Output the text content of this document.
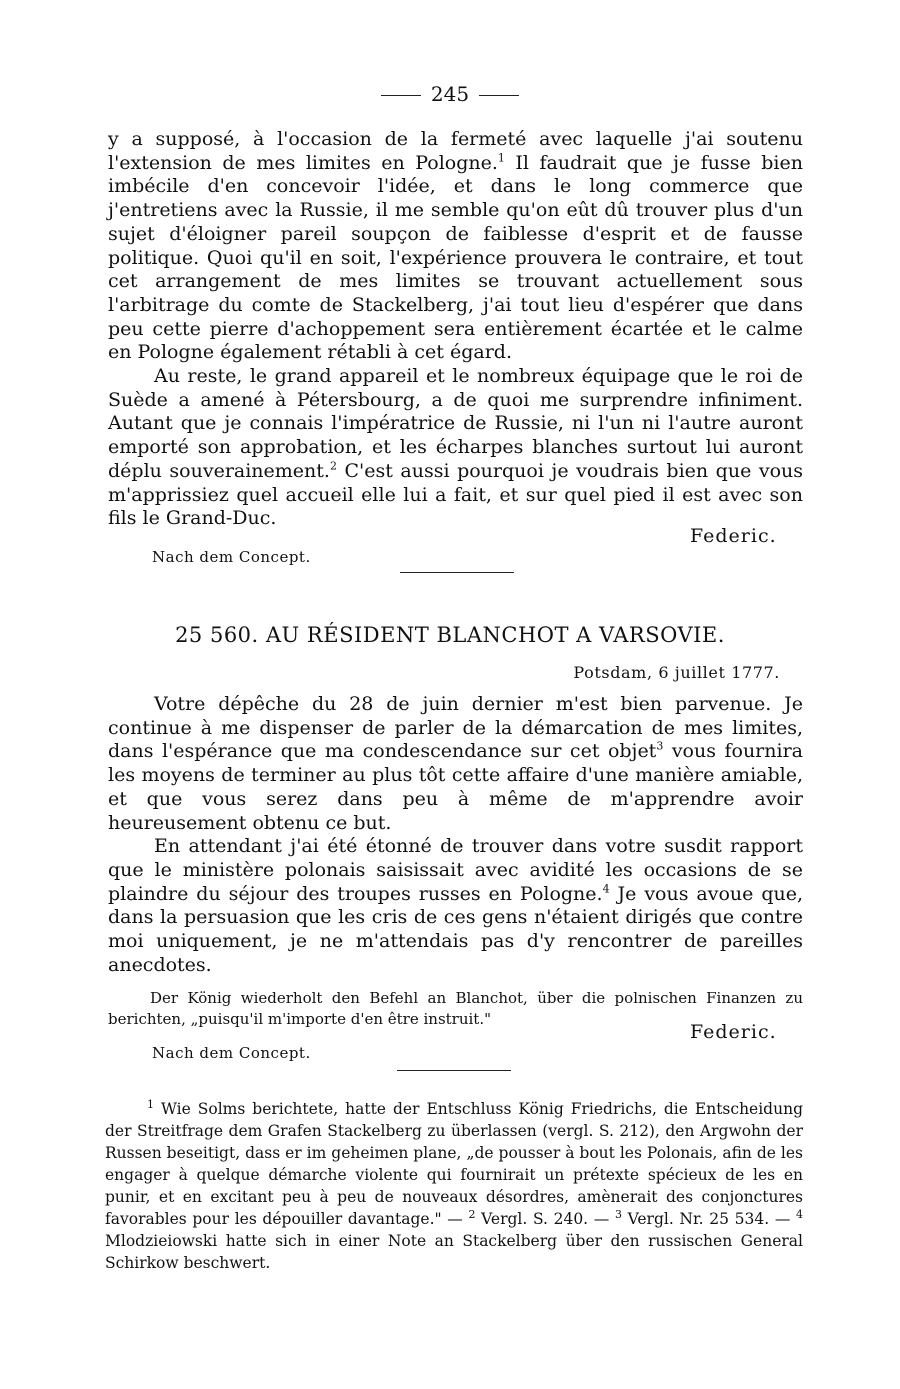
245

y a supposé, à l'occasion de la fermeté avec laquelle j'ai soutenu l'extension de mes limites en Pologne.$^1$ Il faudrait que je fusse bien imbécile d'en concevoir l'idée, et dans le long commerce que j'entretiens avec la Russie, il me semble qu'on eût dû trouver plus d'un sujet d'éloigner pareil soupçon de faiblesse d'esprit et de fausse politique. Quoi qu'il en soit, l'expérience prouvera le contraire, et tout cet arrangement de mes limites se trouvant actuellement sous l'arbitrage du comte de Stackelberg, j'ai tout lieu d'espérer que dans peu cette pierre d'achoppement sera entièrement écartée et le calme en Pologne également rétabli à cet égard.

Au reste, le grand appareil et le nombreux équipage que le roi de Suède a amené à Pétersbourg, a de quoi me surprendre infiniment. Autant que je connais l'impératrice de Russie, ni l'un ni l'autre auront emporté son approbation, et les écharpes blanches surtout lui auront déplu souverainement.$^2$ C'est aussi pourquoi je voudrais bien que vous m'apprissiez quel accueil elle lui a fait, et sur quel pied il est avec son fils le Grand-Duc.

Federic.
Nach dem Concept.
25 560. AU RÉSIDENT BLANCHOT A VARSOVIE.
Potsdam, 6 juillet 1777.

Votre dépêche du 28 de juin dernier m'est bien parvenue. Je continue à me dispenser de parler de la démarcation de mes limites, dans l'espérance que ma condescendance sur cet objet$^3$ vous fournira les moyens de terminer au plus tôt cette affaire d'une manière amiable, et que vous serez dans peu à même de m'apprendre avoir heureusement obtenu ce but.

En attendant j'ai été étonné de trouver dans votre susdit rapport que le ministère polonais saisissait avec avidité les occasions de se plaindre du séjour des troupes russes en Pologne.$^4$ Je vous avoue que, dans la persuasion que les cris de ces gens n'étaient dirigés que contre moi uniquement, je ne m'attendais pas d'y rencontrer de pareilles anecdotes.

Der König wiederholt den Befehl an Blanchot, über die polnischen Finanzen zu berichten, „puisqu'il m'importe d'en être instruit."
Federic.
Nach dem Concept.

$^1$ Wie Solms berichtete, hatte der Entschluss König Friedrichs, die Entscheidung der Streitfrage dem Grafen Stackelberg zu überlassen (vergl. S. 212), den Argwohn der Russen beseitigt, dass er im geheimen plane, „de pousser à bout les Polonais, afin de les engager à quelque démarche violente qui fournirait un prétexte spécieux de les en punir, et en excitant peu à peu de nouveaux désordres, amènerait des conjonctures favorables pour les dépouiller davantage." — $^2$ Vergl. S. 240. — $^3$ Vergl. Nr. 25 534. — $^4$ Mlodzieiowski hatte sich in einer Note an Stackelberg über den russischen General Schirkow beschwert.
